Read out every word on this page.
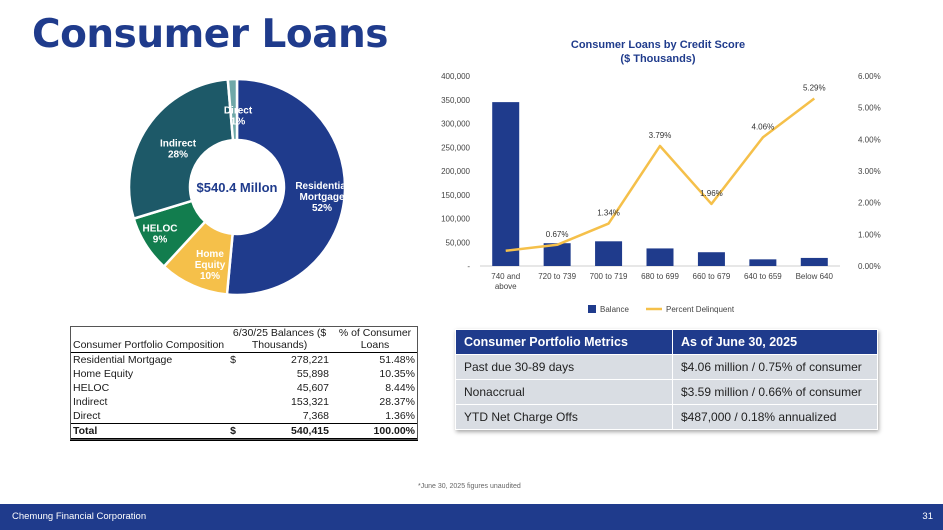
Consumer Loans
Residential Mortgage 52%
Home Equity 10%
HELOC 9%
Indirect 28%
Direct 1%
$540.4 Millon
Consumer Loans by Credit Score
($ Thousands)
-
50,000
100,000
150,000
200,000
250,000
300,000
350,000
400,000
0.00%
1.00%
2.00%
3.00%
4.00%
5.00%
6.00%
740 and
above
720 to 739 700 to 719 680 to 699 660 to 679 640 to 659 Below 640
0.67%
1.34%
3.79%
1.96%
4.06%
5.29%
Balance	Percent Delinquent
Consumer Portfolio Composition	6/30/25 Balances ($ Thousands)		% of Consumer Loans
Residential Mortgage	$	278,221	51.48%
Home Equity		55,898	10.35%
HELOC		45,607	8.44%
Indirect		153,321	28.37%
Direct		7,368	1.36%
Total	$	540,415	100.00%
Consumer Portfolio Metrics	As of June 30, 2025
Past due 30-89 days	$4.06 million / 0.75% of consumer
Nonaccrual	$3.59 million / 0.66% of consumer
YTD Net Charge Offs	$487,000 / 0.18% annualized
*June 30, 2025 figures unaudited
Chemung Financial Corporation	31
